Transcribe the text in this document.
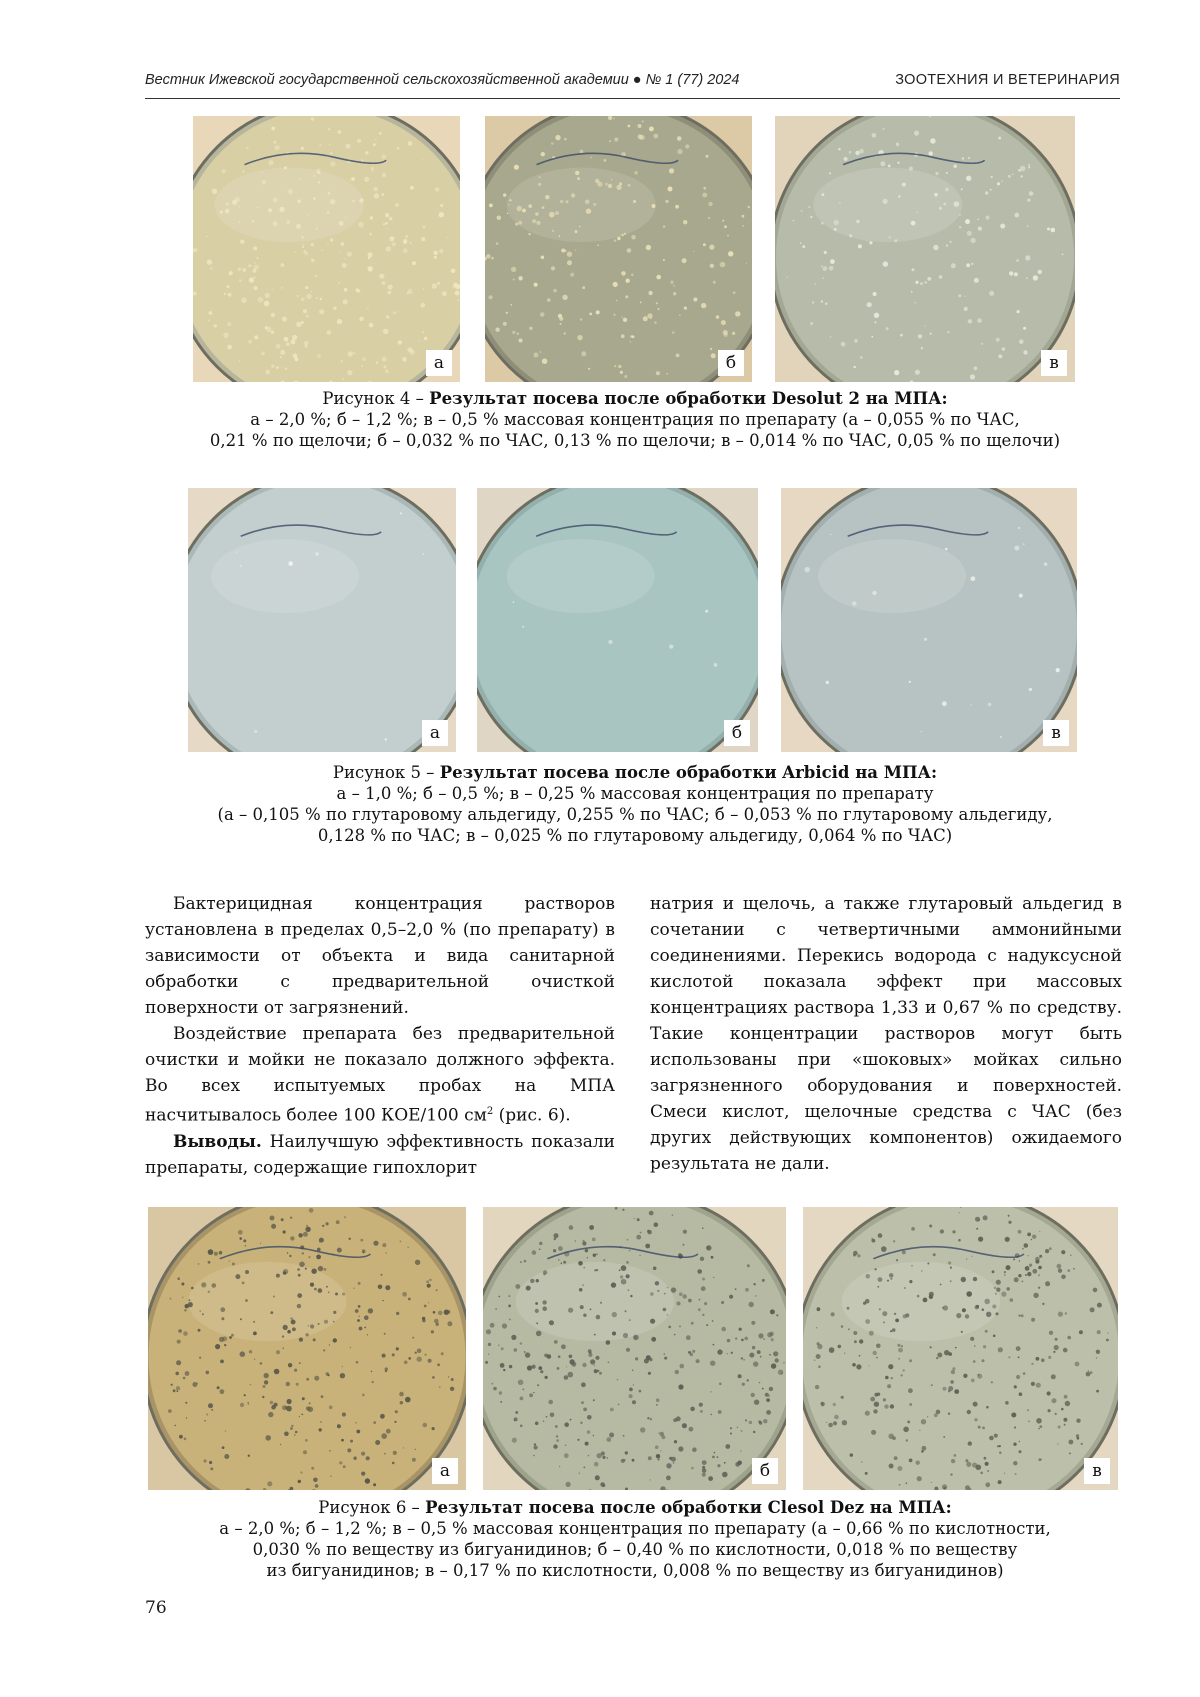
Вестник Ижевской государственной сельскохозяйственной академии ● № 1 (77) 2024	ЗООТЕХНИЯ И ВЕТЕРИНАРИЯ
а	б	в
Рисунок 4 – Результат посева после обработки Desolut 2 на МПА:
а – 2,0 %; б – 1,2 %; в – 0,5 % массовая концентрация по препарату (а – 0,055 % по ЧАС,
0,21 % по щелочи; б – 0,032 % по ЧАС, 0,13 % по щелочи; в – 0,014 % по ЧАС, 0,05 % по щелочи)
а	б	в
Рисунок 5 – Результат посева после обработки Arbicid на МПА:
а – 1,0 %; б – 0,5 %; в – 0,25 % массовая концентрация по препарату
(а – 0,105 % по глутаровому альдегиду, 0,255 % по ЧАС; б – 0,053 % по глутаровому альдегиду,
0,128 % по ЧАС; в – 0,025 % по глутаровому альдегиду, 0,064 % по ЧАС)

Бактерицидная концентрация растворов установлена в пределах 0,5–2,0 % (по препарату) в зависимости от объекта и вида санитарной обработки с предварительной очисткой поверхности от загрязнений.

Воздействие препарата без предварительной очистки и мойки не показало должного эффекта. Во всех испытуемых пробах на МПА насчитывалось более 100 КОЕ/100 $см^2$ (рис. 6).

Выводы. Наилучшую эффективность показали препараты, содержащие гипохлорит

натрия и щелочь, а также глутаровый альдегид в сочетании с четвертичными аммонийными соединениями. Перекись водорода с надуксусной кислотой показала эффект при массовых концентрациях раствора 1,33 и 0,67 % по средству. Такие концентрации растворов могут быть использованы при «шоковых» мойках сильно загрязненного оборудования и поверхностей. Смеси кислот, щелочные средства с ЧАС (без других действующих компонентов) ожидаемого результата не дали.

а	б	в
Рисунок 6 – Результат посева после обработки Clesol Dez на МПА:
а – 2,0 %; б – 1,2 %; в – 0,5 % массовая концентрация по препарату (а – 0,66 % по кислотности,
0,030 % по веществу из бигуанидинов; б – 0,40 % по кислотности, 0,018 % по веществу
из бигуанидинов; в – 0,17 % по кислотности, 0,008 % по веществу из бигуанидинов)
76
